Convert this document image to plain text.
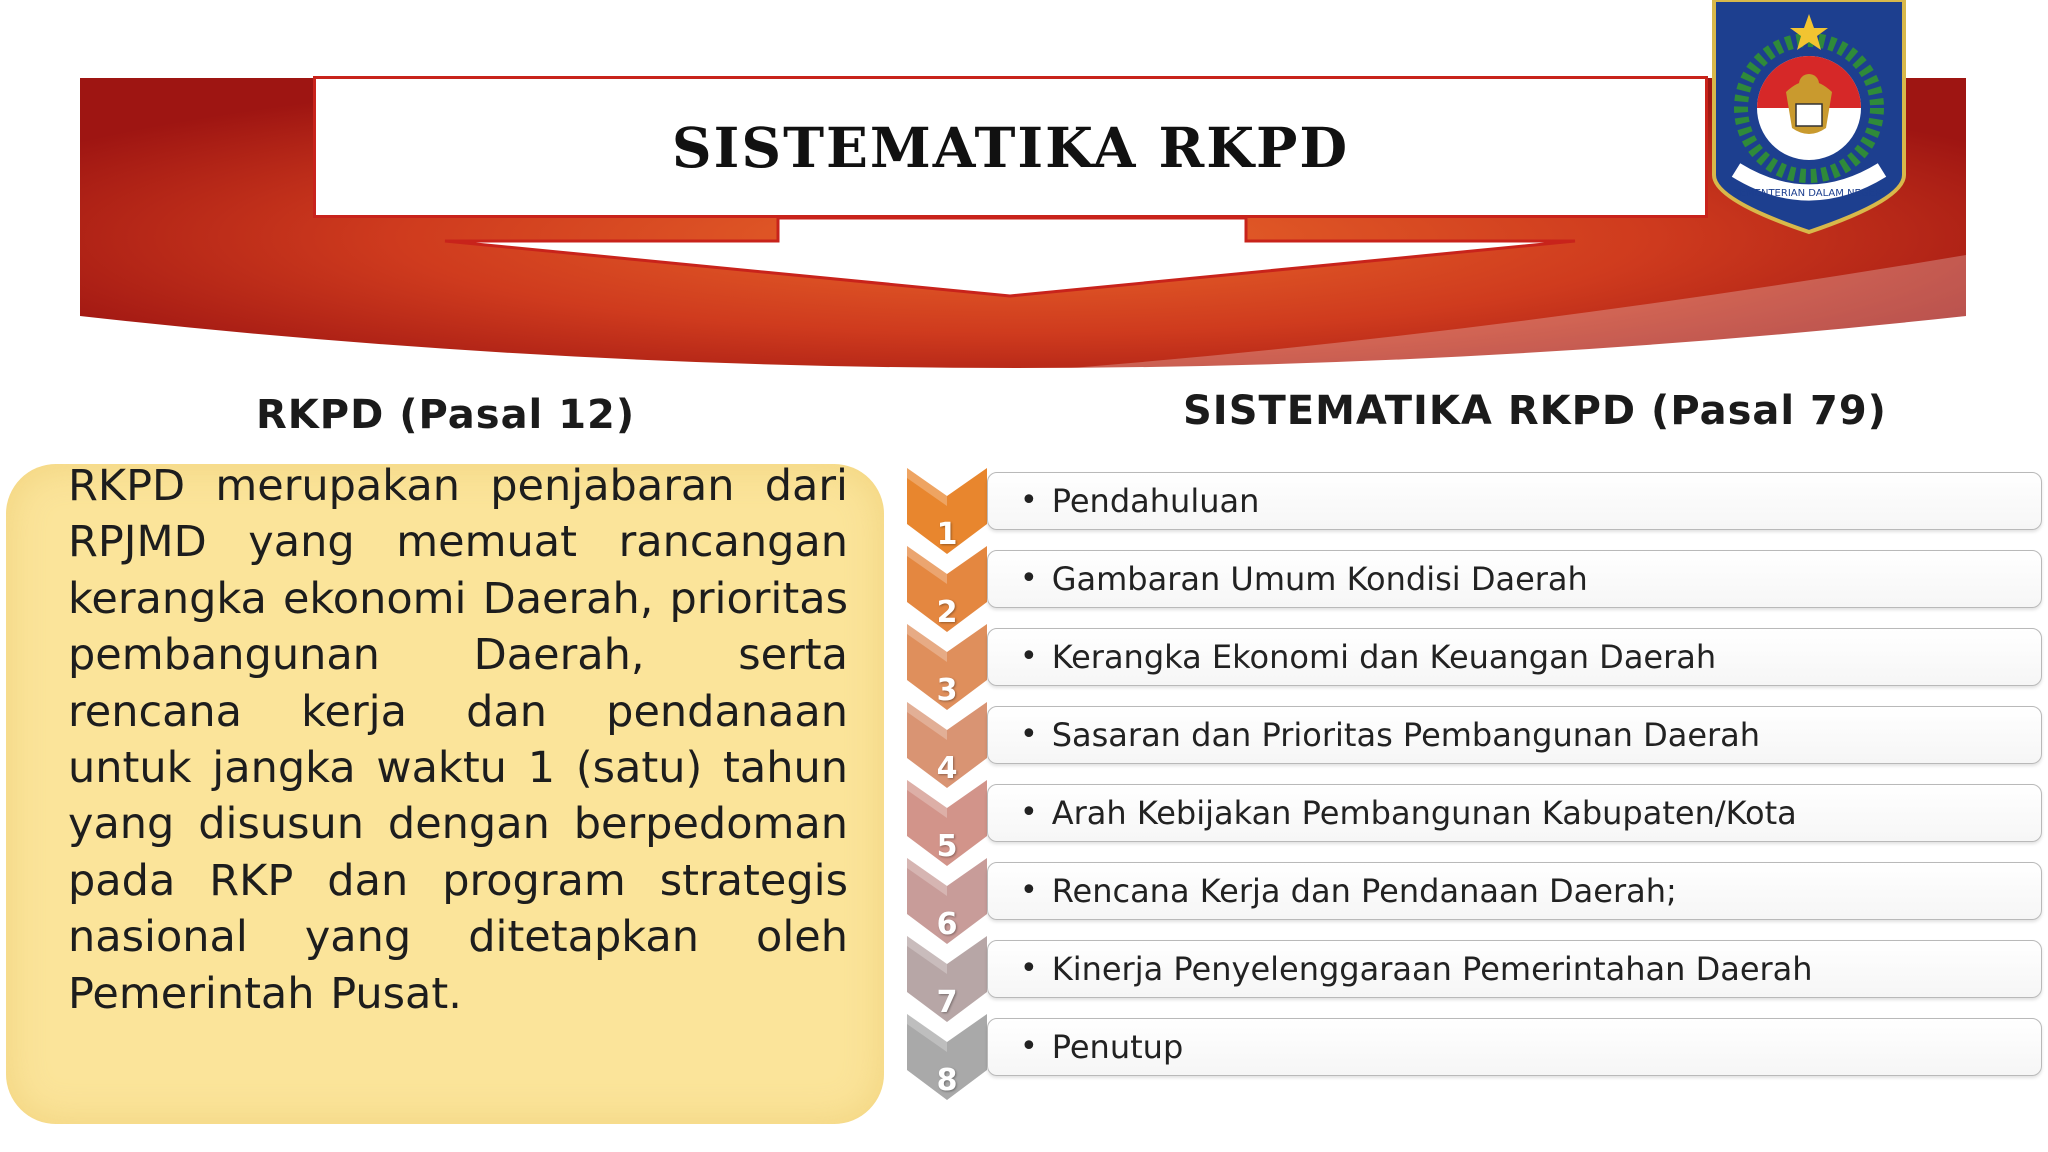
SISTEMATIKA RKPD
KEMENTERIAN DALAM NEGERI
RKPD (Pasal 12)	SISTEMATIKA RKPD (Pasal 79)
RKPD merupakan penjabaran dari RPJMD yang memuat rancangan kerangka ekonomi Daerah, prioritas pembangunan Daerah, serta rencana kerja dan pendanaan untuk jangka waktu 1 (satu) tahun yang disusun dengan berpedoman pada RKP dan program strategis nasional yang ditetapkan oleh Pemerintah Pusat.
1
• Pendahuluan
2
• Gambaran Umum Kondisi Daerah
3
• Kerangka Ekonomi dan Keuangan Daerah
4
• Sasaran dan Prioritas Pembangunan Daerah
5
• Arah Kebijakan Pembangunan Kabupaten/Kota
6
• Rencana Kerja dan Pendanaan Daerah;
7
• Kinerja Penyelenggaraan Pemerintahan Daerah
8
• Penutup
